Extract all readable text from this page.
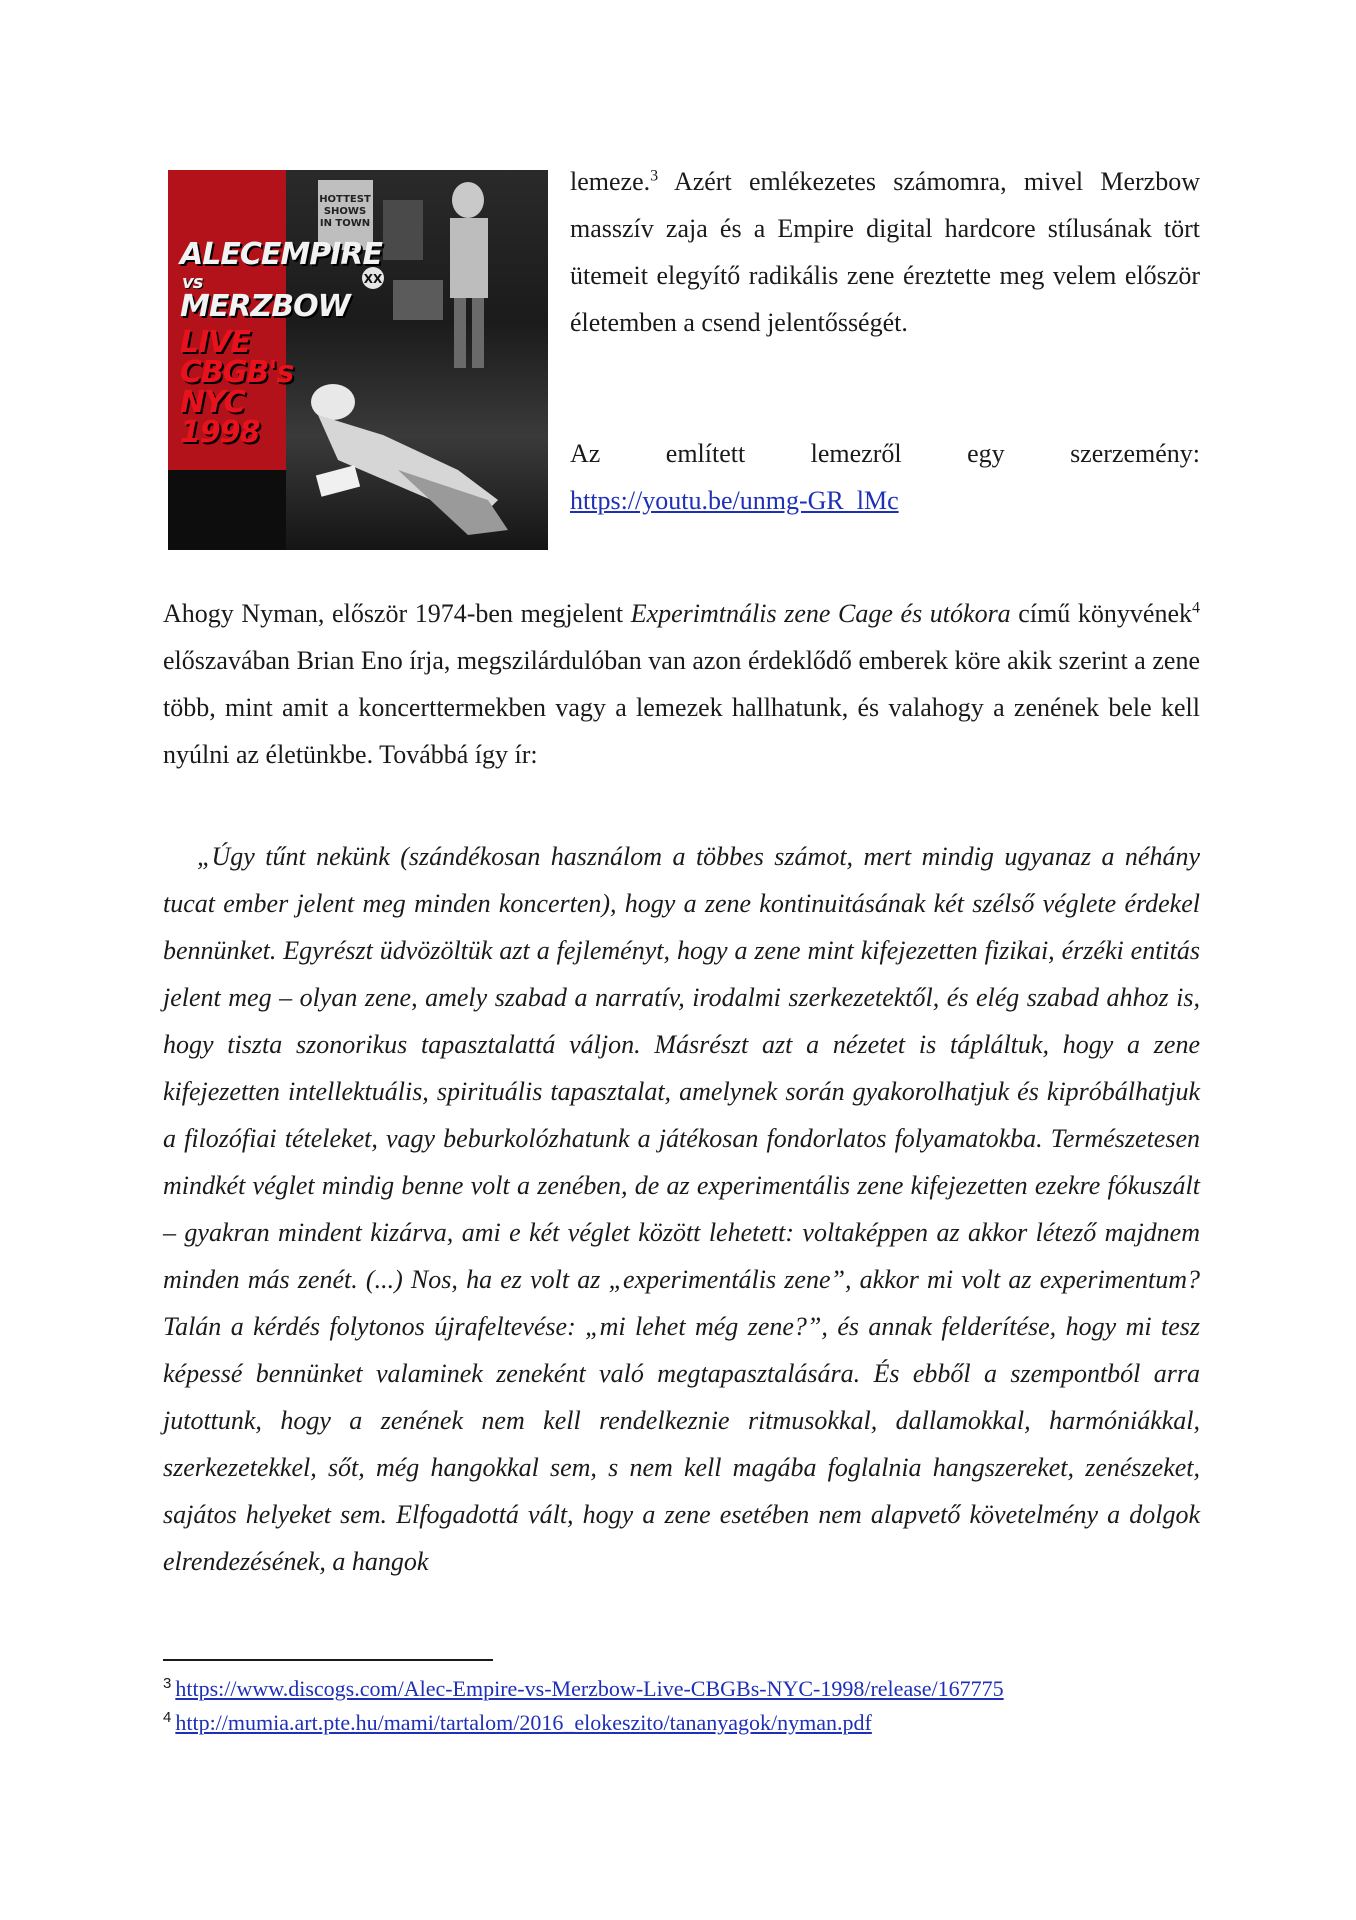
HOTTEST
SHOWS
IN TOWN
XX
ALECEMPIRE
vs
MERZBOW
LIVE
CBGB's
NYC
1998

lemeze.$^3$ Azért emlékezetes számomra, mivel Merzbow masszív zaja és a Empire digital hardcore stílusának tört ütemeit elegyítő radikális zene éreztette meg velem először életemben a csend jelentősségét.

Az	említett	lemezről	egy	szerzemény:
https://youtu.be/unmg-GR_lMc
Ahogy Nyman, először 1974-ben megjelent Experimtnális zene Cage és utókora című könyvének$^4$ előszavában Brian Eno írja, megszilárdulóban van azon érdeklődő emberek köre akik szerint a zene több, mint amit a koncerttermekben vagy a lemezek hallhatunk, és valahogy a zenének bele kell nyúlni az életünkbe. Továbbá így ír:

„Úgy tűnt nekünk (szándékosan használom a többes számot, mert mindig ugyanaz a néhány tucat ember jelent meg minden koncerten), hogy a zene kontinuitásának két szélső véglete érdekel bennünket. Egyrészt üdvözöltük azt a fejleményt, hogy a zene mint kifejezetten fizikai, érzéki entitás jelent meg – olyan zene, amely szabad a narratív, irodalmi szerkezetektől, és elég szabad ahhoz is, hogy tiszta szonorikus tapasztalattá váljon. Másrészt azt a nézetet is tápláltuk, hogy a zene kifejezetten intellektuális, spirituális tapasztalat, amelynek során gyakorolhatjuk és kipróbálhatjuk a filozófiai tételeket, vagy beburkolózhatunk a játékosan fondorlatos folyamatokba. Természetesen mindkét véglet mindig benne volt a zenében, de az experimentális zene kifejezetten ezekre fókuszált – gyakran mindent kizárva, ami e két véglet között lehetett: voltaképpen az akkor létező majdnem minden más zenét. (...) Nos, ha ez volt az „experimentális zene”, akkor mi volt az experimentum? Talán a kérdés folytonos újrafeltevése: „mi lehet még zene?”, és annak felderítése, hogy mi tesz képessé bennünket valaminek zeneként való megtapasztalására. És ebből a szempontból arra jutottunk, hogy a zenének nem kell rendelkeznie ritmusokkal, dallamokkal, harmóniákkal, szerkezetekkel, sőt, még hangokkal sem, s nem kell magába foglalnia hangszereket, zenészeket, sajátos helyeket sem. Elfogadottá vált, hogy a zene esetében nem alapvető követelmény a dolgok elrendezésének, a hangok

$^3$ https://www.discogs.com/Alec-Empire-vs-Merzbow-Live-CBGBs-NYC-1998/release/167775
$^4$ http://mumia.art.pte.hu/mami/tartalom/2016_elokeszito/tananyagok/nyman.pdf
